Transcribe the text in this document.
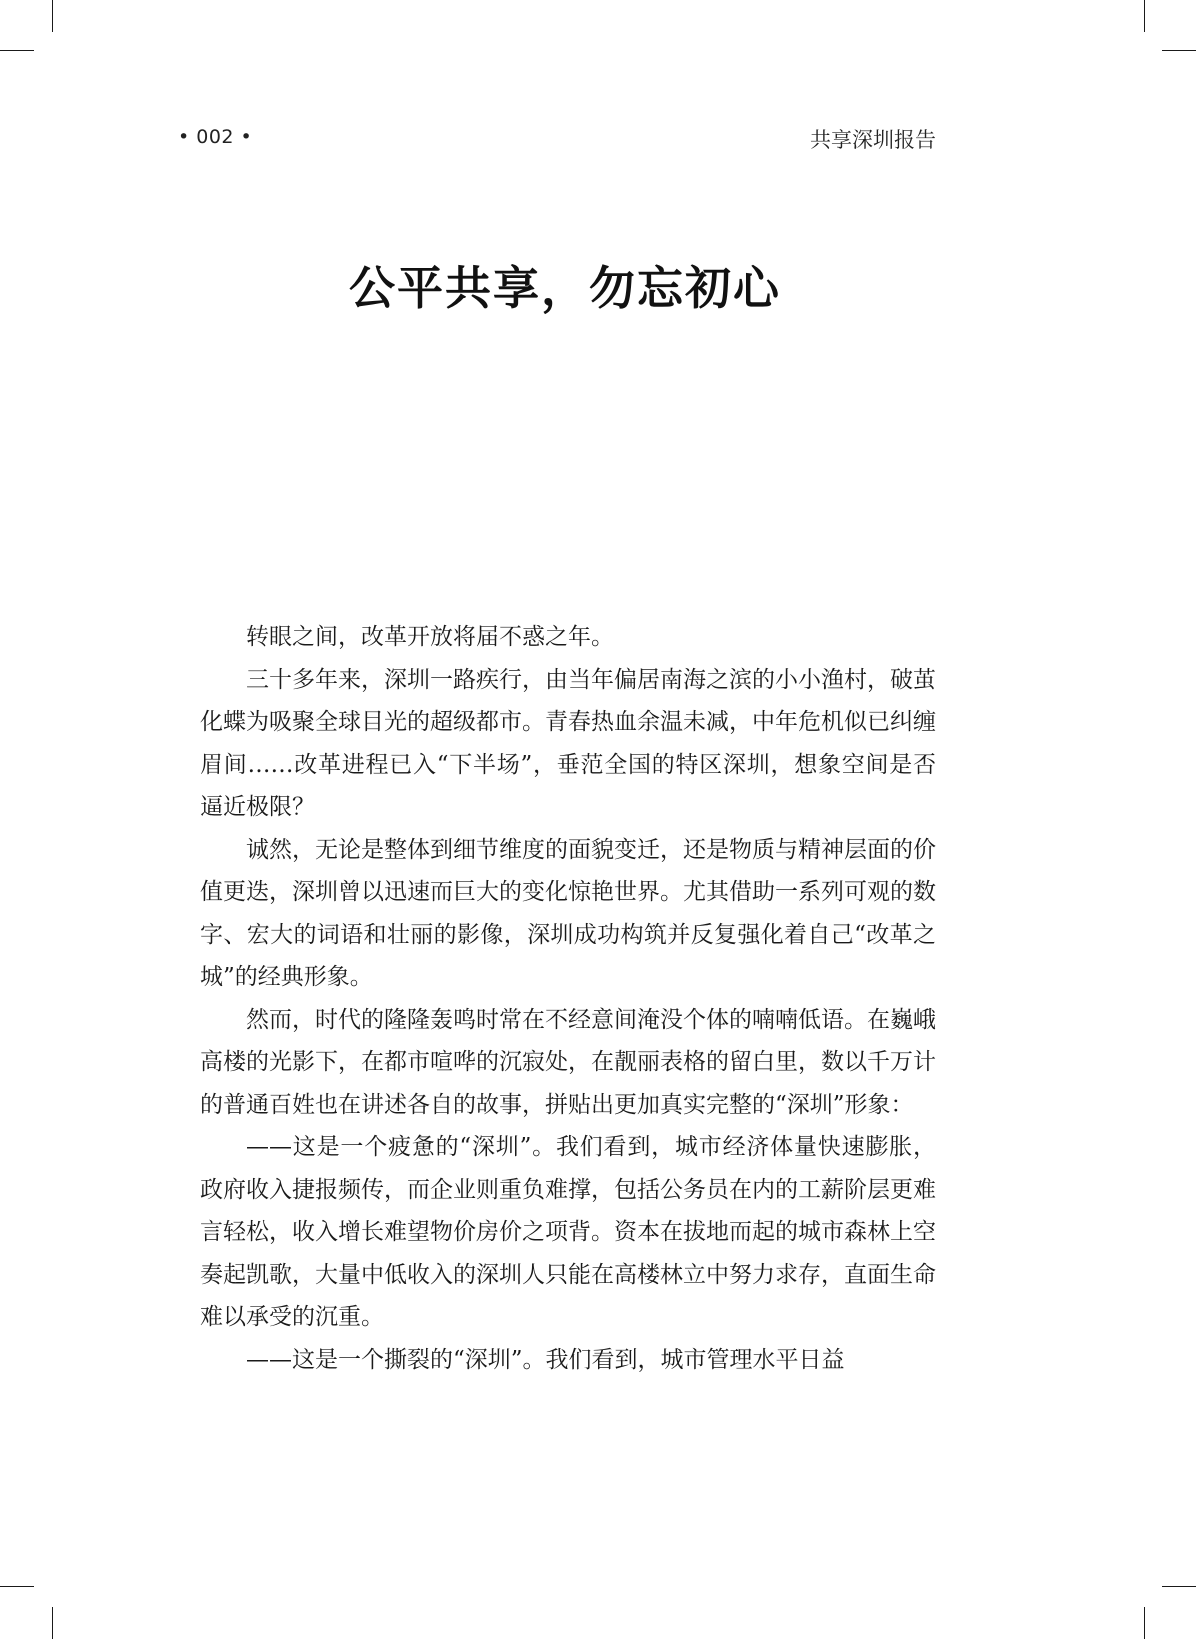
• 002 •	共享深圳报告
公平共享，勿忘初心

转眼之间，改革开放将届不惑之年。

三十多年来，深圳一路疾行，由当年偏居南海之滨的小小渔村，破茧化蝶为吸聚全球目光的超级都市。青春热血余温未减，中年危机似已纠缠眉间……改革进程已入“下半场”，垂范全国的特区深圳，想象空间是否逼近极限？

诚然，无论是整体到细节维度的面貌变迁，还是物质与精神层面的价值更迭，深圳曾以迅速而巨大的变化惊艳世界。尤其借助一系列可观的数字、宏大的词语和壮丽的影像，深圳成功构筑并反复强化着自己“改革之城”的经典形象。

然而，时代的隆隆轰鸣时常在不经意间淹没个体的喃喃低语。在巍峨高楼的光影下，在都市喧哗的沉寂处，在靓丽表格的留白里，数以千万计的普通百姓也在讲述各自的故事，拼贴出更加真实完整的“深圳”形象：

——这是一个疲惫的“深圳”。我们看到，城市经济体量快速膨胀，政府收入捷报频传，而企业则重负难撑，包括公务员在内的工薪阶层更难言轻松，收入增长难望物价房价之项背。资本在拔地而起的城市森林上空奏起凯歌，大量中低收入的深圳人只能在高楼林立中努力求存，直面生命难以承受的沉重。

——这是一个撕裂的“深圳”。我们看到，城市管理水平日益
